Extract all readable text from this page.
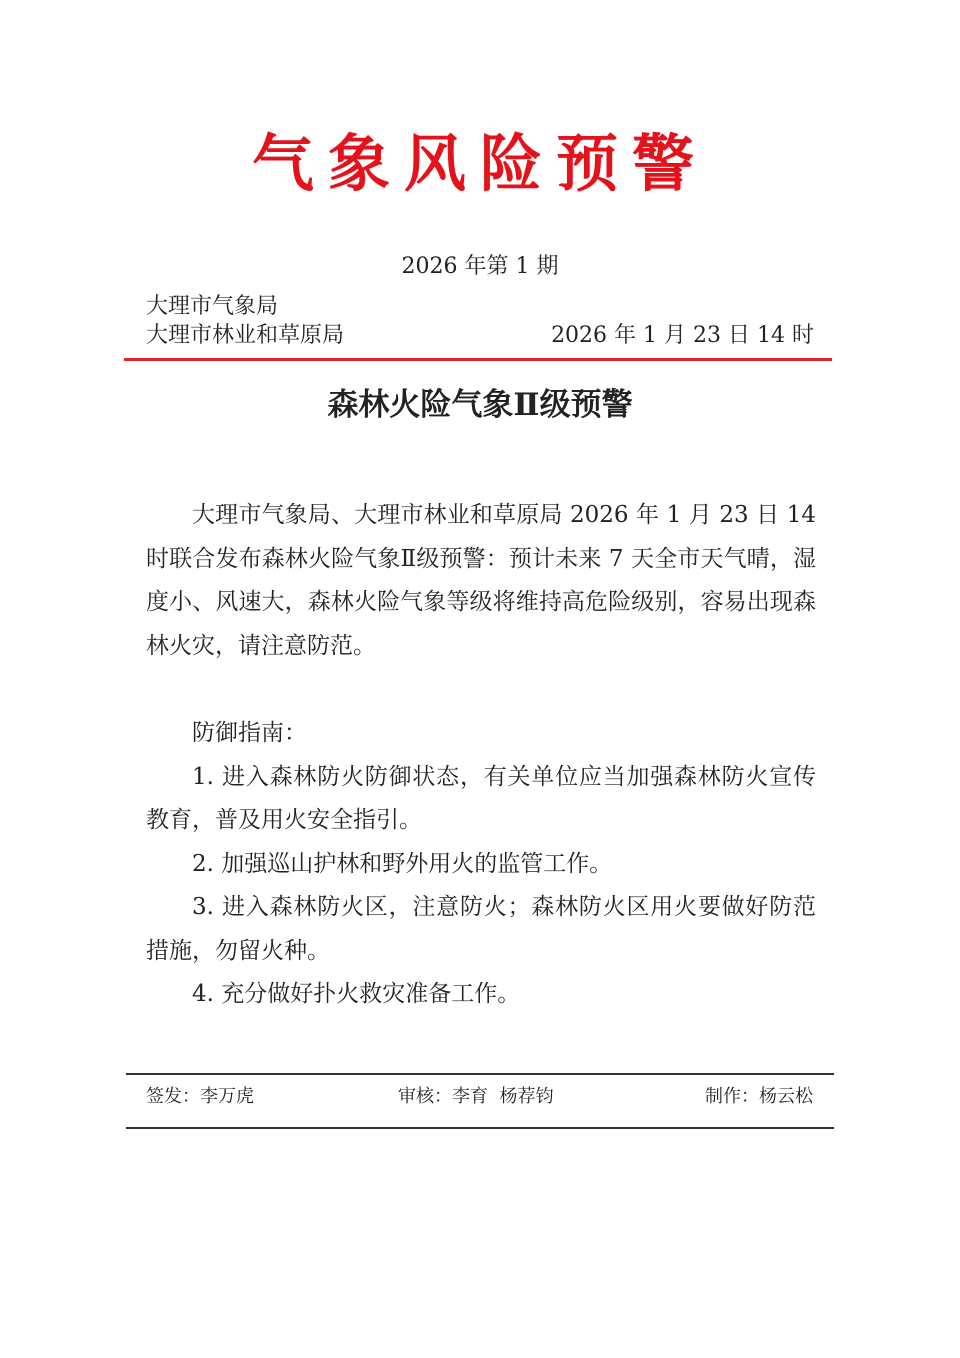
气象风险预警
2026 年第 1 期
大理市气象局
大理市林业和草原局	2026 年 1 月 23 日 14 时
森林火险气象Ⅱ级预警
大理市气象局、大理市林业和草原局 2026 年 1 月 23 日 14 时联合发布森林火险气象Ⅱ级预警：预计未来 7 天全市天气晴，湿度小、风速大，森林火险气象等级将维持高危险级别，容易出现森林火灾，请注意防范。
防御指南：
1. 进入森林防火防御状态，有关单位应当加强森林防火宣传教育，普及用火安全指引。
2. 加强巡山护林和野外用火的监管工作。
3. 进入森林防火区，注意防火；森林防火区用火要做好防范措施，勿留火种。
4. 充分做好扑火救灾准备工作。
签发：李万虎	审核：李育  杨荐钧	制作：杨云松
